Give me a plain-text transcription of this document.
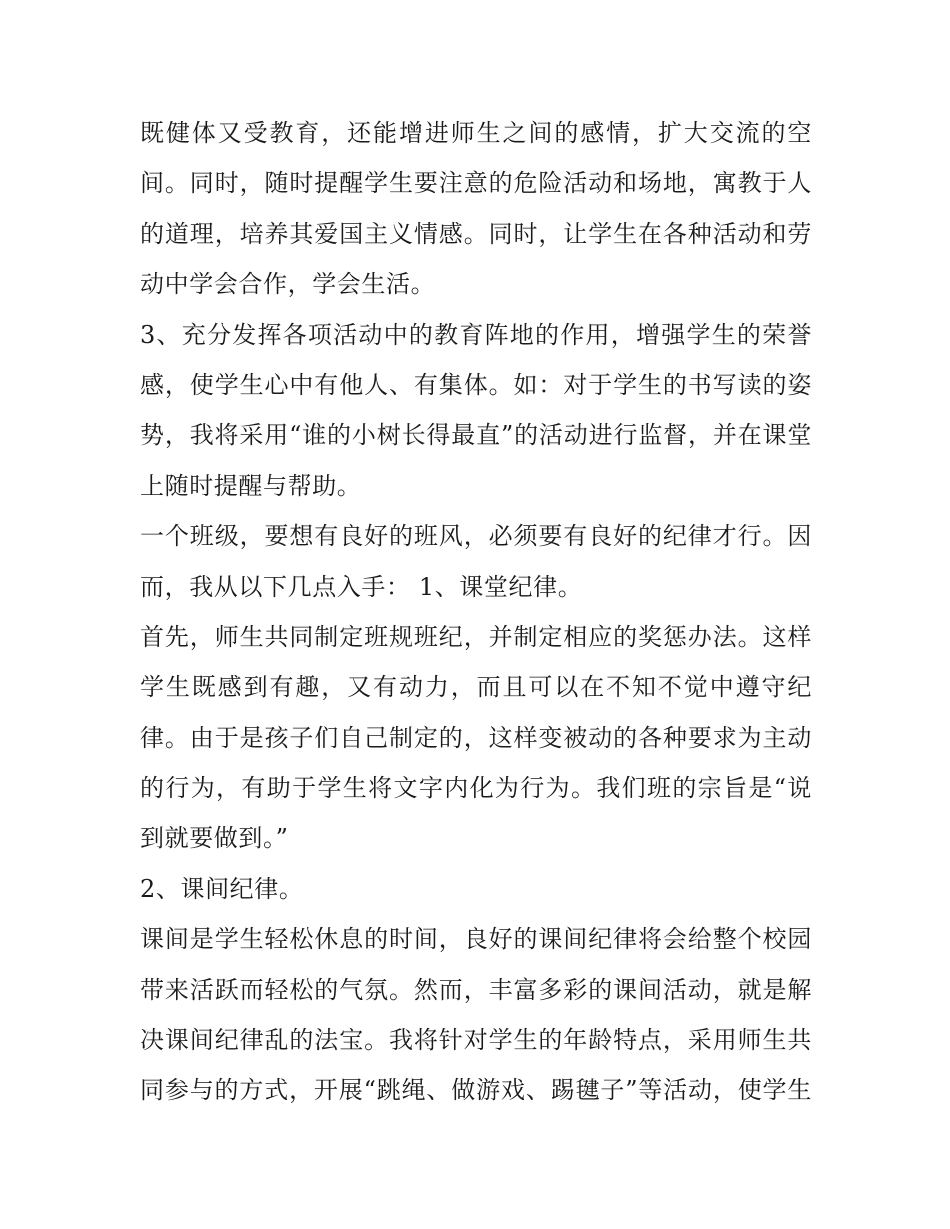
既健体又受教育，还能增进师生之间的感情，扩大交流的空
间。同时，随时提醒学生要注意的危险活动和场地，寓教于人
的道理，培养其爱国主义情感。同时，让学生在各种活动和劳
动中学会合作，学会生活。
3、充分发挥各项活动中的教育阵地的作用，增强学生的荣誉
感，使学生心中有他人、有集体。如：对于学生的书写读的姿
势，我将采用“谁的小树长得最直”的活动进行监督，并在课堂
上随时提醒与帮助。
一个班级，要想有良好的班风，必须要有良好的纪律才行。因
而，我从以下几点入手： 1、课堂纪律。
首先，师生共同制定班规班纪，并制定相应的奖惩办法。这样
学生既感到有趣，又有动力，而且可以在不知不觉中遵守纪
律。由于是孩子们自己制定的，这样变被动的各种要求为主动
的行为，有助于学生将文字内化为行为。我们班的宗旨是“说
到就要做到。”
2、课间纪律。
课间是学生轻松休息的时间，良好的课间纪律将会给整个校园
带来活跃而轻松的气氛。然而，丰富多彩的课间活动，就是解
决课间纪律乱的法宝。我将针对学生的年龄特点，采用师生共
同参与的方式，开展“跳绳、做游戏、踢毽子”等活动，使学生
